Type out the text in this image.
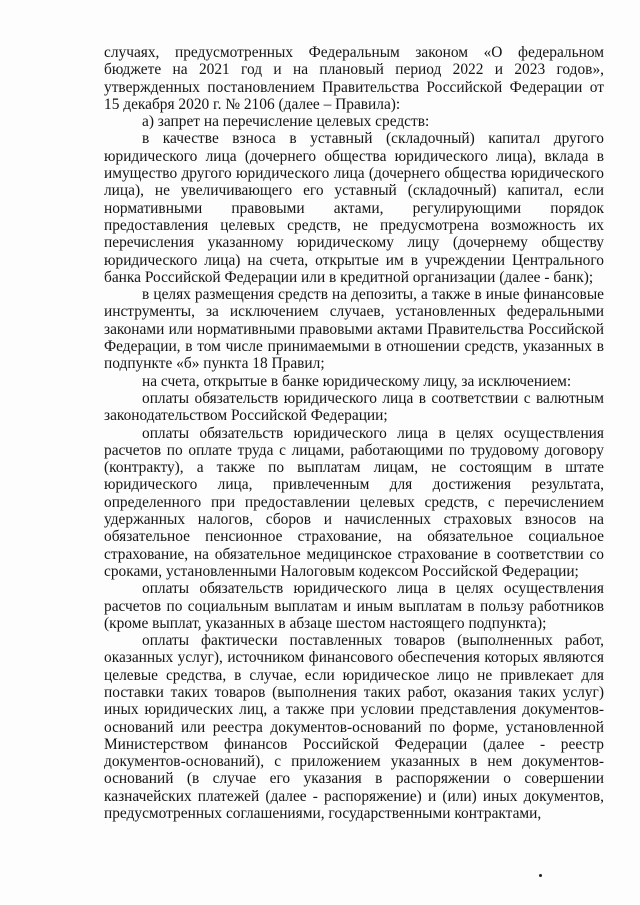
случаях, предусмотренных Федеральным законом «О федеральном бюджете на 2021 год и на плановый период 2022 и 2023 годов», утвержденных постановлением Правительства Российской Федерации от 15 декабря 2020 г. № 2106 (далее – Правила):

а) запрет на перечисление целевых средств:

в качестве взноса в уставный (складочный) капитал другого юридического лица (дочернего общества юридического лица), вклада в имущество другого юридического лица (дочернего общества юридического лица), не увеличивающего его уставный (складочный) капитал, если нормативными правовыми актами, регулирующими порядок предоставления целевых средств, не предусмотрена возможность их перечисления указанному юридическому лицу (дочернему обществу юридического лица) на счета, открытые им в учреждении Центрального банка Российской Федерации или в кредитной организации (далее - банк);

в целях размещения средств на депозиты, а также в иные финансовые инструменты, за исключением случаев, установленных федеральными законами или нормативными правовыми актами Правительства Российской Федерации, в том числе принимаемыми в отношении средств, указанных в подпункте «б» пункта 18 Правил;

на счета, открытые в банке юридическому лицу, за исключением:

оплаты обязательств юридического лица в соответствии с валютным законодательством Российской Федерации;

оплаты обязательств юридического лица в целях осуществления расчетов по оплате труда с лицами, работающими по трудовому договору (контракту), а также по выплатам лицам, не состоящим в штате юридического лица, привлеченным для достижения результата, определенного при предоставлении целевых средств, с перечислением удержанных налогов, сборов и начисленных страховых взносов на обязательное пенсионное страхование, на обязательное социальное страхование, на обязательное медицинское страхование в соответствии со сроками, установленными Налоговым кодексом Российской Федерации;

оплаты обязательств юридического лица в целях осуществления расчетов по социальным выплатам и иным выплатам в пользу работников (кроме выплат, указанных в абзаце шестом настоящего подпункта);

оплаты фактически поставленных товаров (выполненных работ, оказанных услуг), источником финансового обеспечения которых являются целевые средства, в случае, если юридическое лицо не привлекает для поставки таких товаров (выполнения таких работ, оказания таких услуг) иных юридических лиц, а также при условии представления документов-оснований или реестра документов-оснований по форме, установленной Министерством финансов Российской Федерации (далее - реестр документов-оснований), с приложением указанных в нем документов-оснований (в случае его указания в распоряжении о совершении казначейских платежей (далее - распоряжение) и (или) иных документов, предусмотренных соглашениями, государственными контрактами,
